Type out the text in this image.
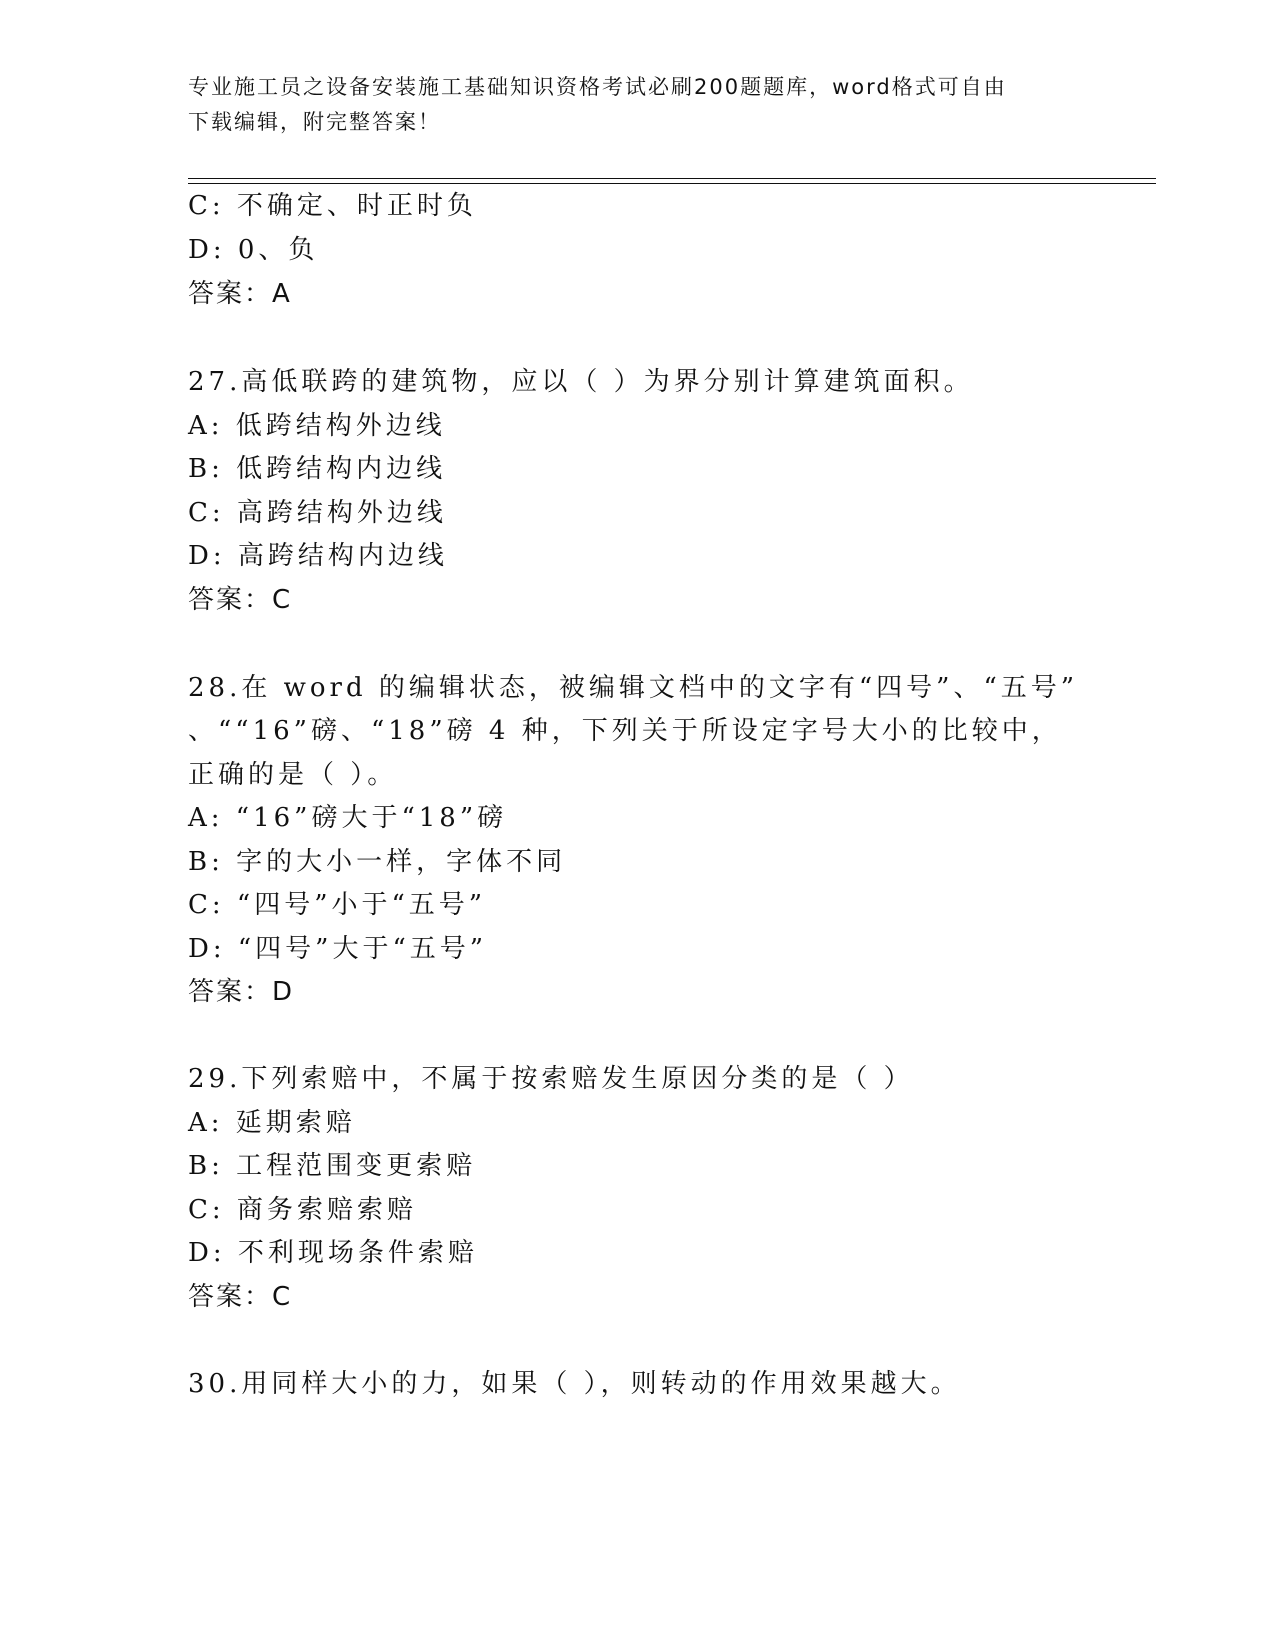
专业施工员之设备安装施工基础知识资格考试必刷200题题库，word格式可自由
下载编辑，附完整答案！
C: 不确定、时正时负
D: 0、负
答案：A
27.高低联跨的建筑物，应以（ ）为界分别计算建筑面积。
A: 低跨结构外边线
B: 低跨结构内边线
C: 高跨结构外边线
D: 高跨结构内边线
答案：C
28.在 word 的编辑状态，被编辑文档中的文字有“四号”、“五号”
、““16”磅、“18”磅 4 种，下列关于所设定字号大小的比较中，
正确的是（ ）。
A: “16”磅大于“18”磅
B: 字的大小一样，字体不同
C: “四号”小于“五号”
D: “四号”大于“五号”
答案：D
29.下列索赔中，不属于按索赔发生原因分类的是（ ）
A: 延期索赔
B: 工程范围变更索赔
C: 商务索赔索赔
D: 不利现场条件索赔
答案：C
30.用同样大小的力，如果（ ），则转动的作用效果越大。
